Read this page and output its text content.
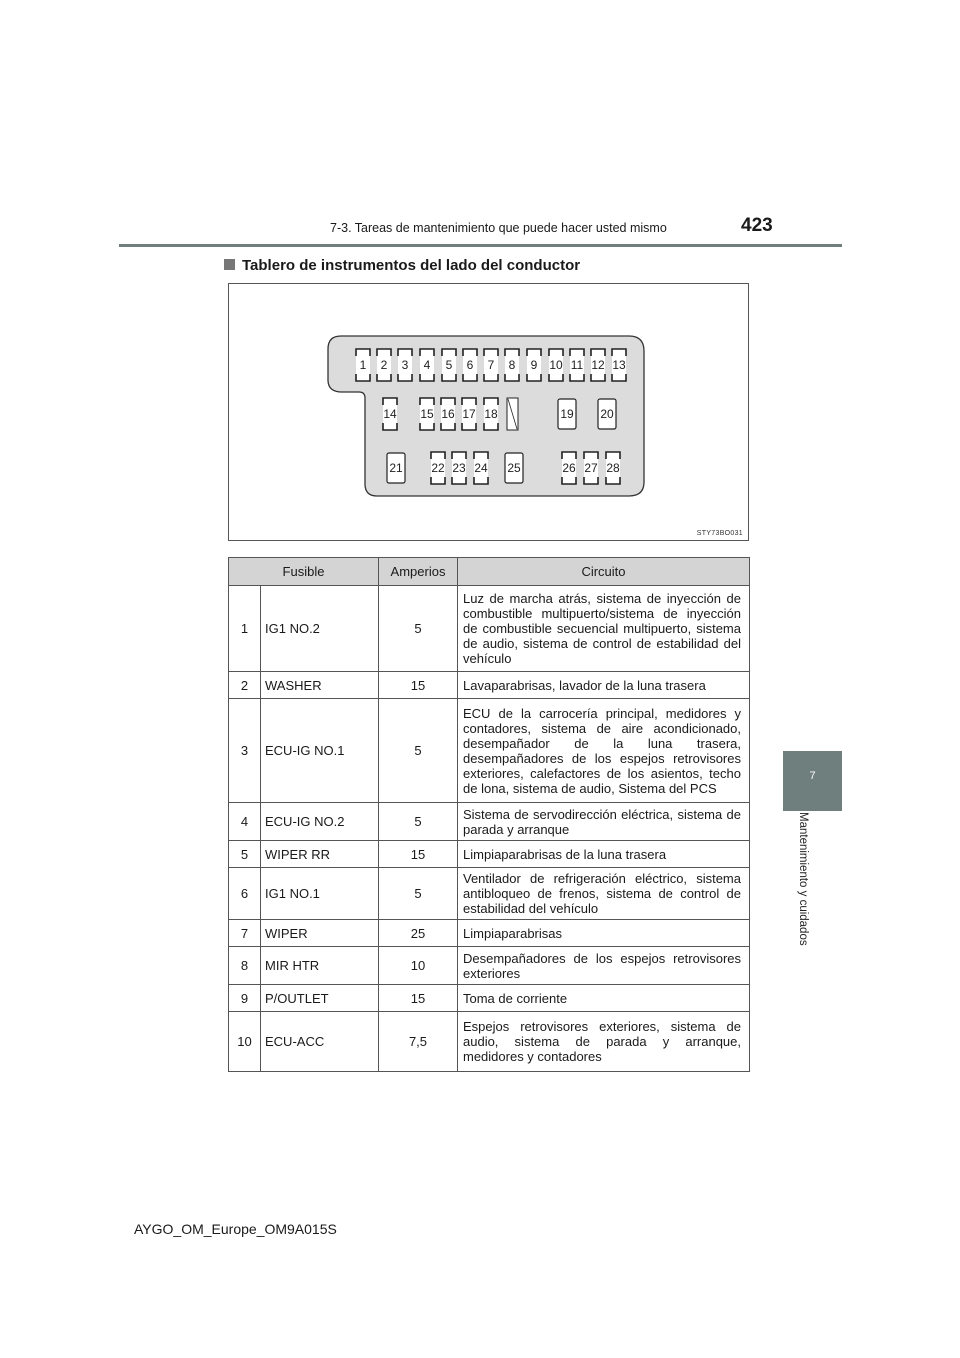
7-3. Tareas de mantenimiento que puede hacer usted mismo	423
Tablero de instrumentos del lado del conductor
1 2 3 4 5 6 7 8 9 10 11 12 13
14 15 16 17 18	19 20
21 22 23 24 25	26 27 28
STY73BO031
7
Mantenimiento y cuidados
Fusible		Amperios	Circuito
1	IG1 NO.2	5	Luz de marcha atrás, sistema de inyección de combustible multipuerto/sistema de inyección de combustible secuencial multipuerto, sistema de audio, sistema de control de estabilidad del vehículo
2	WASHER	15	Lavaparabrisas, lavador de la luna trasera
3	ECU-IG NO.1	5	ECU de la carrocería principal, medidores y contadores, sistema de aire acondicionado, desempañador de la luna trasera, desempañadores de los espejos retrovisores exteriores, calefactores de los asientos, techo de lona, sistema de audio, Sistema del PCS
4	ECU-IG NO.2	5	Sistema de servodirección eléctrica, sistema de parada y arranque
5	WIPER RR	15	Limpiaparabrisas de la luna trasera
6	IG1 NO.1	5	Ventilador de refrigeración eléctrico, sistema antibloqueo de frenos, sistema de control de estabilidad del vehículo
7	WIPER	25	Limpiaparabrisas
8	MIR HTR	10	Desempañadores de los espejos retrovisores exteriores
9	P/OUTLET	15	Toma de corriente
10	ECU-ACC	7,5	Espejos retrovisores exteriores, sistema de audio, sistema de parada y arranque, medidores y contadores
AYGO_OM_Europe_OM9A015S
